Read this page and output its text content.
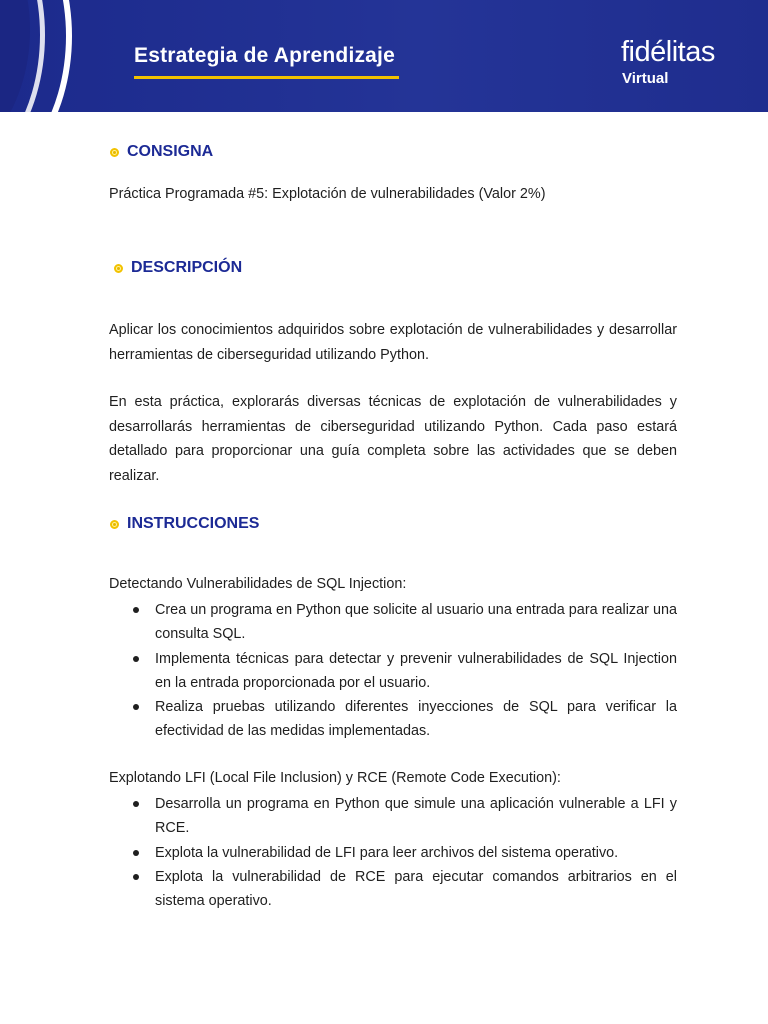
Estrategia de Aprendizaje	fidélitas
Virtual
CONSIGNA
Práctica Programada #5: Explotación de vulnerabilidades (Valor 2%)
DESCRIPCIÓN
Aplicar los conocimientos adquiridos sobre explotación de vulnerabilidades y desarrollar herramientas de ciberseguridad utilizando Python.
En esta práctica, explorarás diversas técnicas de explotación de vulnerabilidades y desarrollarás herramientas de ciberseguridad utilizando Python. Cada paso estará detallado para proporcionar una guía completa sobre las actividades que se deben realizar.
INSTRUCCIONES
Detectando Vulnerabilidades de SQL Injection:
Crea un programa en Python que solicite al usuario una entrada para realizar una consulta SQL.
Implementa técnicas para detectar y prevenir vulnerabilidades de SQL Injection en la entrada proporcionada por el usuario.
Realiza pruebas utilizando diferentes inyecciones de SQL para verificar la efectividad de las medidas implementadas.
Explotando LFI (Local File Inclusion) y RCE (Remote Code Execution):
Desarrolla un programa en Python que simule una aplicación vulnerable a LFI y RCE.
Explota la vulnerabilidad de LFI para leer archivos del sistema operativo.
Explota la vulnerabilidad de RCE para ejecutar comandos arbitrarios en el sistema operativo.
